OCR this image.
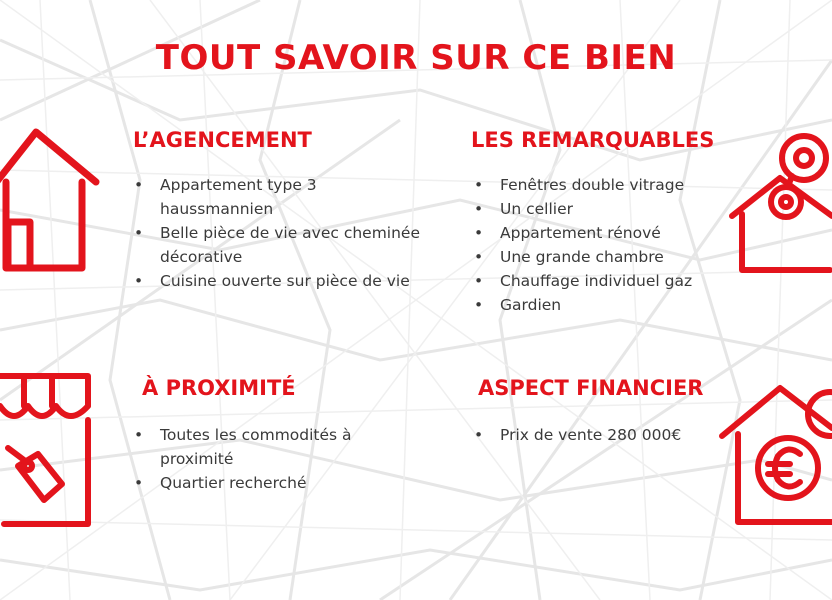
TOUT SAVOIR SUR CE BIEN
L’AGENCEMENT
• Appartement type 3 haussmannien
• Belle pièce de vie avec cheminée décorative
• Cuisine ouverte sur pièce de vie
LES REMARQUABLES
• Fenêtres double vitrage
• Un cellier
• Appartement rénové
• Une grande chambre
• Chauffage individuel gaz
• Gardien
À PROXIMITÉ
• Toutes les commodités à proximité
• Quartier recherché
ASPECT FINANCIER
• Prix de vente 280 000€
